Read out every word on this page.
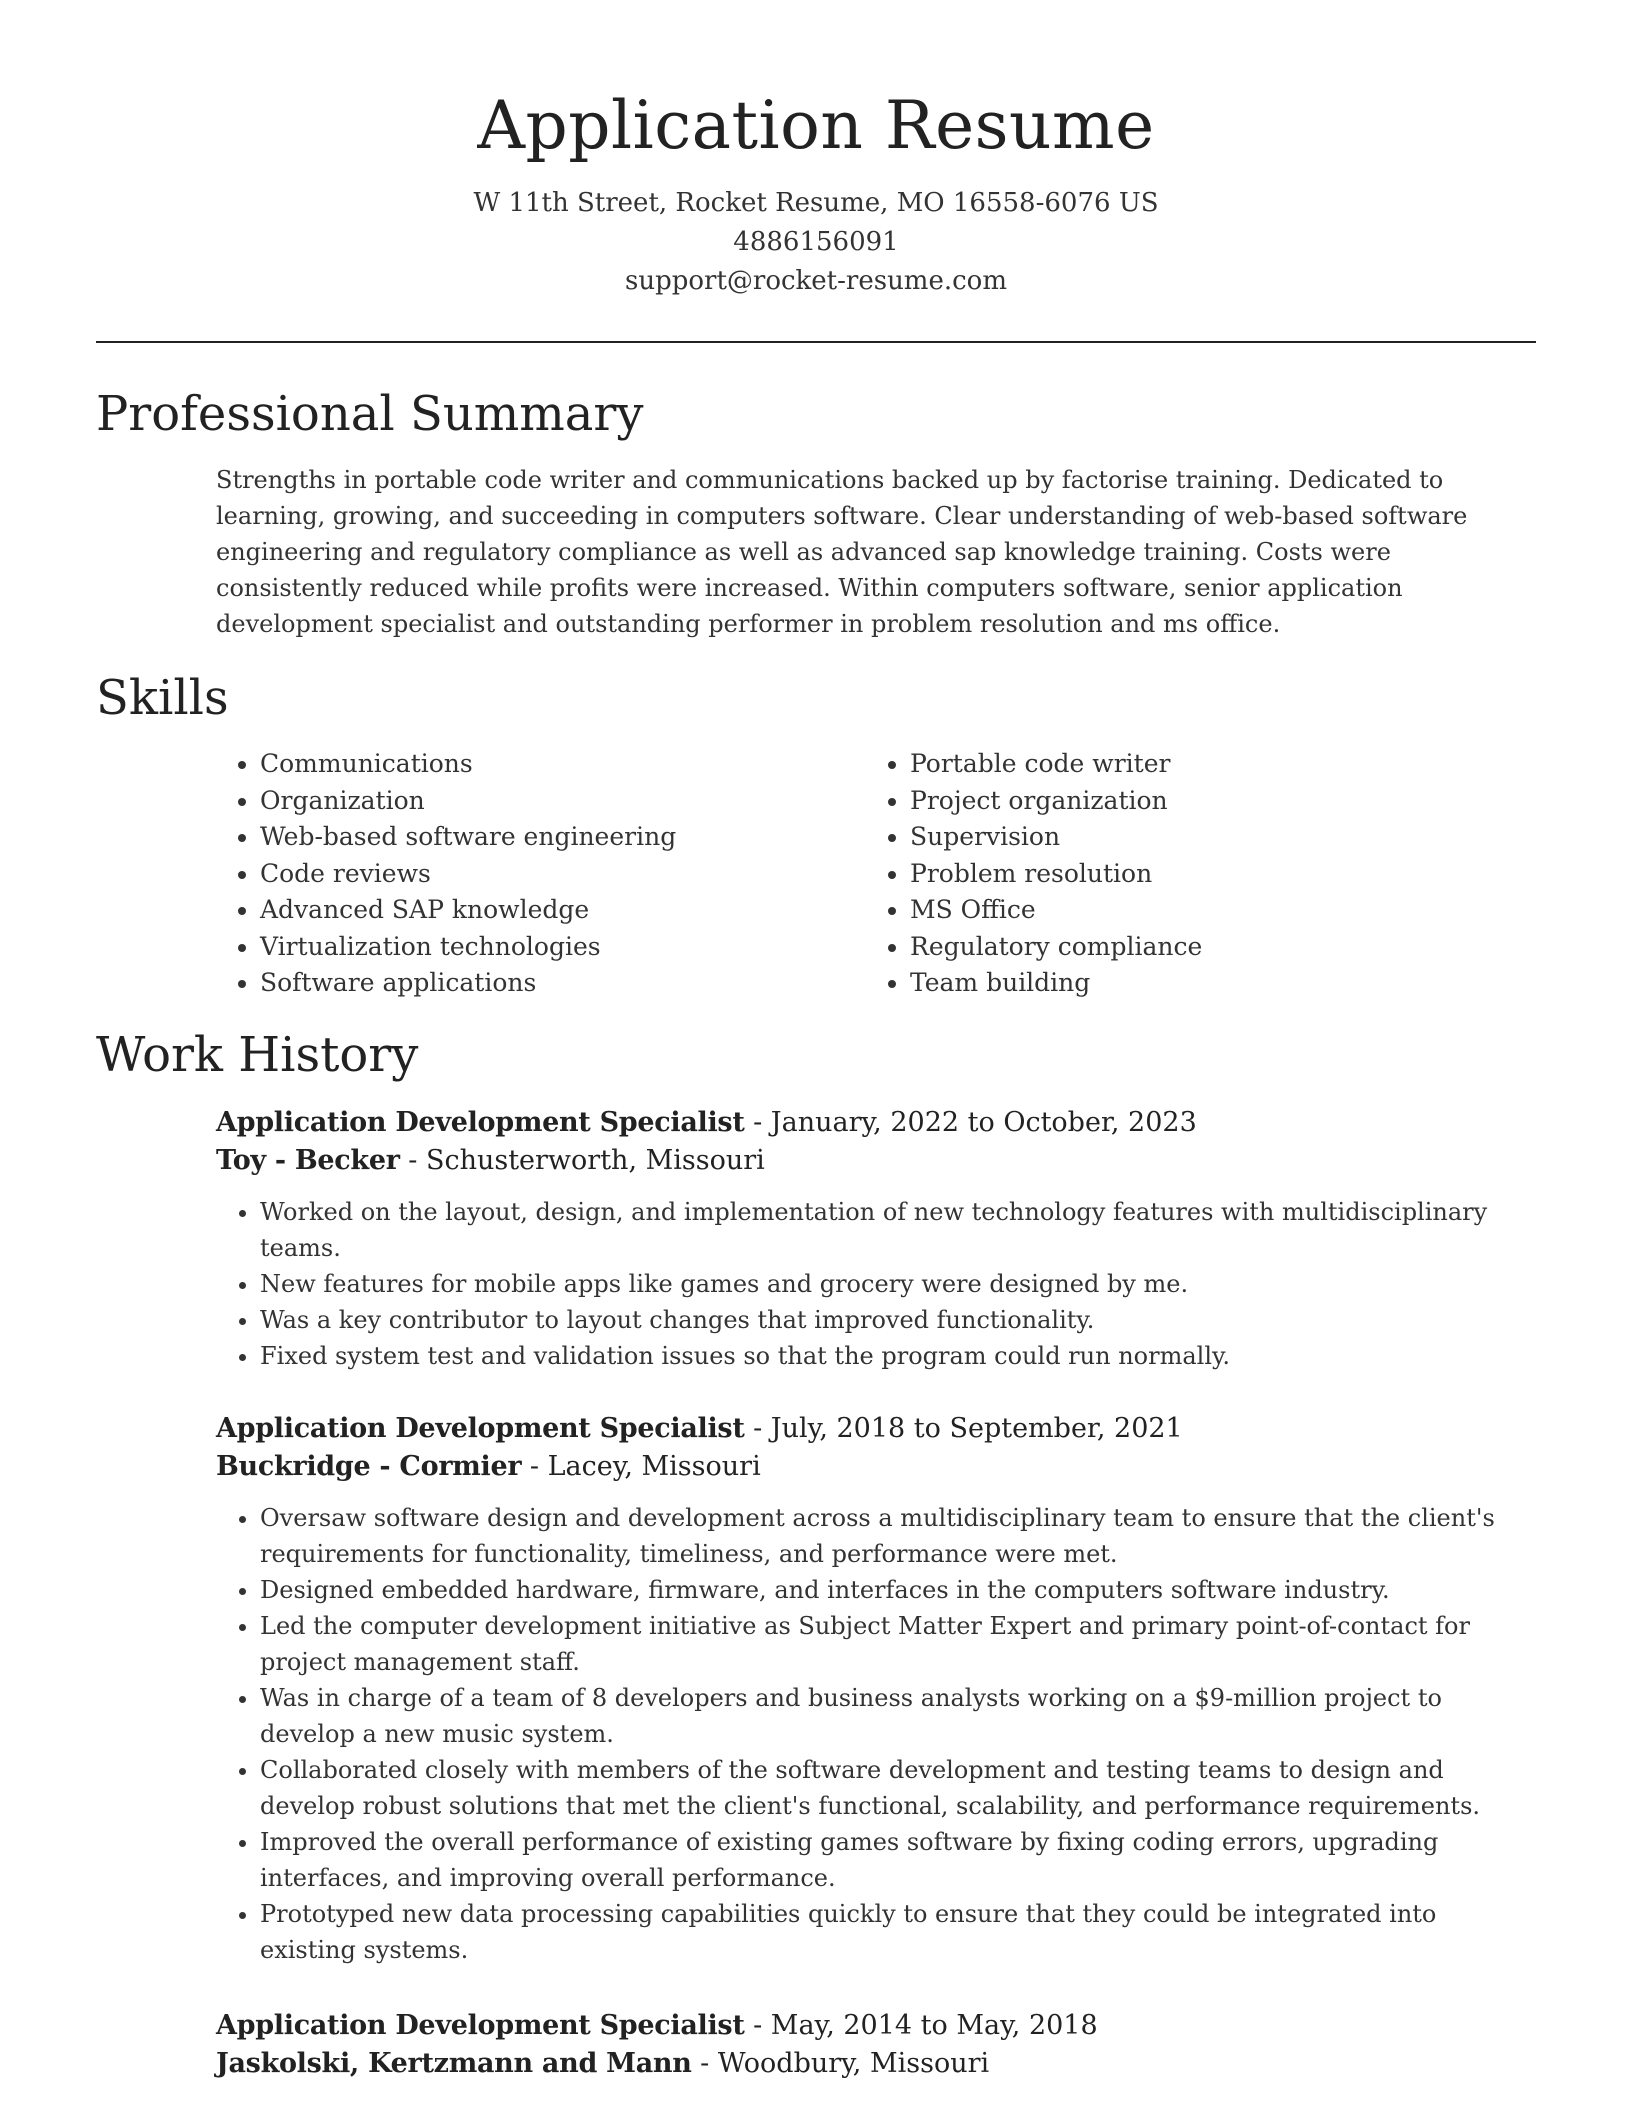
Application Resume
W 11th Street, Rocket Resume, MO 16558-6076 US
4886156091
support@rocket-resume.com
Professional Summary

Strengths in portable code writer and communications backed up by factorise training. Dedicated to learning, growing, and succeeding in computers software. Clear understanding of web-based software engineering and regulatory compliance as well as advanced sap knowledge training. Costs were consistently reduced while profits were increased. Within computers software, senior application development specialist and outstanding performer in problem resolution and ms office.

Skills
• Communications
• Organization
• Web-based software engineering
• Code reviews
• Advanced SAP knowledge
• Virtualization technologies
• Software applications
• Portable code writer
• Project organization
• Supervision
• Problem resolution
• MS Office
• Regulatory compliance
• Team building
Work History
Application Development Specialist - January, 2022 to October, 2023
Toy - Becker - Schusterworth, Missouri
• Worked on the layout, design, and implementation of new technology features with multidisciplinary teams.
• New features for mobile apps like games and grocery were designed by me.
• Was a key contributor to layout changes that improved functionality.
• Fixed system test and validation issues so that the program could run normally.
Application Development Specialist - July, 2018 to September, 2021
Buckridge - Cormier - Lacey, Missouri
• Oversaw software design and development across a multidisciplinary team to ensure that the client's requirements for functionality, timeliness, and performance were met.
• Designed embedded hardware, firmware, and interfaces in the computers software industry.
• Led the computer development initiative as Subject Matter Expert and primary point-of-contact for project management staff.
• Was in charge of a team of 8 developers and business analysts working on a $9-million project to develop a new music system.
• Collaborated closely with members of the software development and testing teams to design and develop robust solutions that met the client's functional, scalability, and performance requirements.
• Improved the overall performance of existing games software by fixing coding errors, upgrading interfaces, and improving overall performance.
• Prototyped new data processing capabilities quickly to ensure that they could be integrated into existing systems.
Application Development Specialist - May, 2014 to May, 2018
Jaskolski, Kertzmann and Mann - Woodbury, Missouri
